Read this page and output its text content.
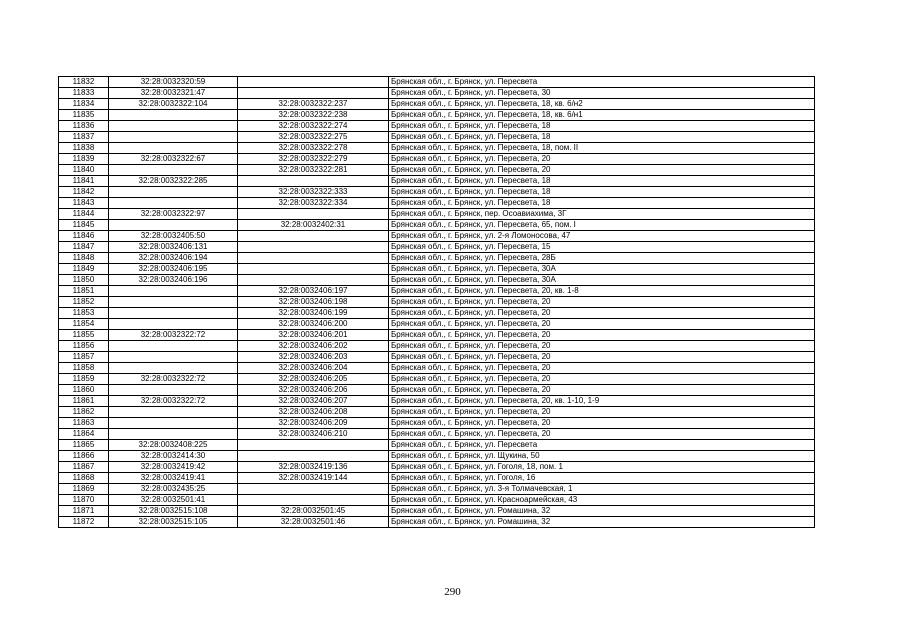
11832	32:28:0032320:59		Брянская обл., г. Брянск, ул. Пересвета
11833	32:28:0032321:47		Брянская обл., г. Брянск, ул. Пересвета, 30
11834	32:28:0032322:104	32:28:0032322:237	Брянская обл., г. Брянск, ул. Пересвета, 18, кв. 6/н2
11835		32:28:0032322:238	Брянская обл., г. Брянск, ул. Пересвета, 18, кв. 6/н1
11836		32:28:0032322:274	Брянская обл., г. Брянск, ул. Пересвета, 18
11837		32:28:0032322:275	Брянская обл., г. Брянск, ул. Пересвета, 18
11838		32:28:0032322:278	Брянская обл., г. Брянск, ул. Пересвета, 18, пом. II
11839	32:28:0032322:67	32:28:0032322:279	Брянская обл., г. Брянск, ул. Пересвета, 20
11840		32:28:0032322:281	Брянская обл., г. Брянск, ул. Пересвета, 20
11841	32:28:0032322:285		Брянская обл., г. Брянск, ул. Пересвета, 18
11842		32:28:0032322:333	Брянская обл., г. Брянск, ул. Пересвета, 18
11843		32:28:0032322:334	Брянская обл., г. Брянск, ул. Пересвета, 18
11844	32:28:0032322:97		Брянская обл., г. Брянск, пер. Осоавиахима, 3Г
11845		32:28:0032402:31	Брянская обл., г. Брянск, ул. Пересвета, 65, пом. I
11846	32:28:0032405:50		Брянская обл., г. Брянск, ул. 2-я Ломоносова, 47
11847	32:28:0032406:131		Брянская обл., г. Брянск, ул. Пересвета, 15
11848	32:28:0032406:194		Брянская обл., г. Брянск, ул. Пересвета, 28Б
11849	32:28:0032406:195		Брянская обл., г. Брянск, ул. Пересвета, 30А
11850	32:28:0032406:196		Брянская обл., г. Брянск, ул. Пересвета, 30А
11851		32:28:0032406:197	Брянская обл., г. Брянск, ул. Пересвета, 20, кв. 1-8
11852		32:28:0032406:198	Брянская обл., г. Брянск, ул. Пересвета, 20
11853		32:28:0032406:199	Брянская обл., г. Брянск, ул. Пересвета, 20
11854		32:28:0032406:200	Брянская обл., г. Брянск, ул. Пересвета, 20
11855	32:28:0032322:72	32:28:0032406:201	Брянская обл., г. Брянск, ул. Пересвета, 20
11856		32:28:0032406:202	Брянская обл., г. Брянск, ул. Пересвета, 20
11857		32:28:0032406:203	Брянская обл., г. Брянск, ул. Пересвета, 20
11858		32:28:0032406:204	Брянская обл., г. Брянск, ул. Пересвета, 20
11859	32:28:0032322:72	32:28:0032406:205	Брянская обл., г. Брянск, ул. Пересвета, 20
11860		32:28:0032406:206	Брянская обл., г. Брянск, ул. Пересвета, 20
11861	32:28:0032322:72	32:28:0032406:207	Брянская обл., г. Брянск, ул. Пересвета, 20, кв. 1-10, 1-9
11862		32:28:0032406:208	Брянская обл., г. Брянск, ул. Пересвета, 20
11863		32:28:0032406:209	Брянская обл., г. Брянск, ул. Пересвета, 20
11864		32:28:0032406:210	Брянская обл., г. Брянск, ул. Пересвета, 20
11865	32:28:0032408:225		Брянская обл., г. Брянск, ул. Пересвета
11866	32:28:0032414:30		Брянская обл., г. Брянск, ул. Щукина, 50
11867	32:28:0032419:42	32:28:0032419:136	Брянская обл., г. Брянск, ул. Гоголя, 18, пом. 1
11868	32:28:0032419:41	32:28:0032419:144	Брянская обл., г. Брянск, ул. Гоголя, 16
11869	32:28:0032435:25		Брянская обл., г. Брянск, ул. 3-я Толмачевская, 1
11870	32:28:0032501:41		Брянская обл., г. Брянск, ул. Красноармейская, 43
11871	32:28:0032515:108	32:28:0032501:45	Брянская обл., г. Брянск, ул. Ромашина, 32
11872	32:28:0032515:105	32:28:0032501:46	Брянская обл., г. Брянск, ул. Ромашина, 32
290
